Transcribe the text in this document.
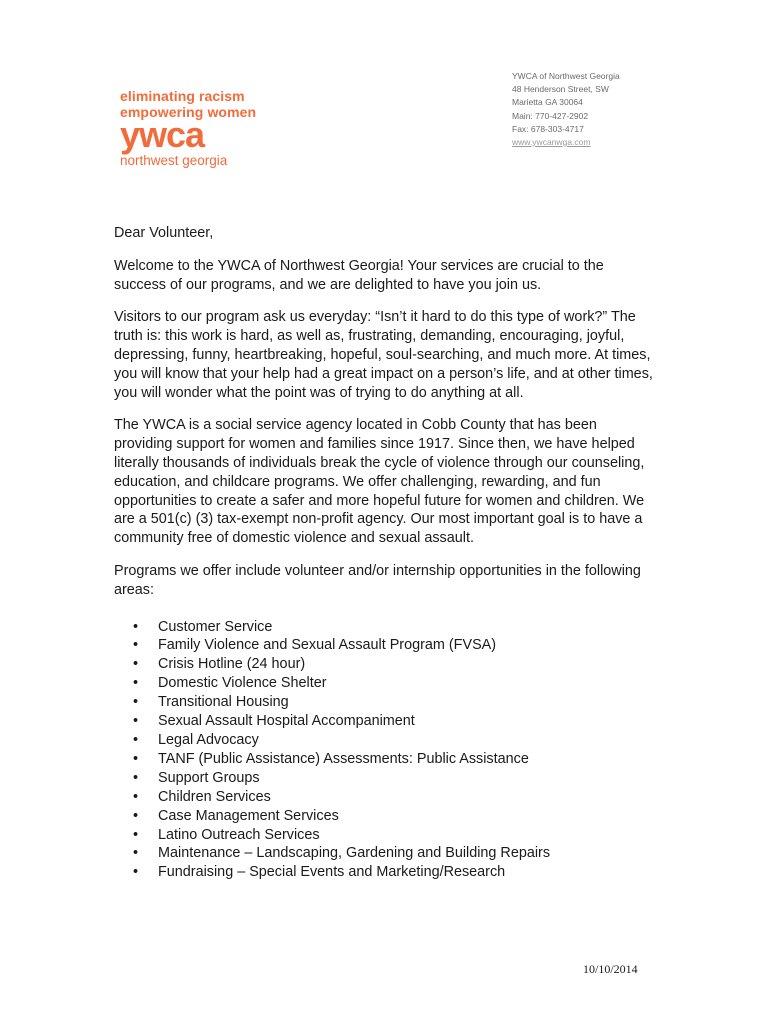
eliminating racism
empowering women
ywca
northwest georgia
YWCA of Northwest Georgia
48 Henderson Street, SW
Marietta GA 30064
Main: 770-427-2902
Fax: 678-303-4717
www.ywcanwga.com

Dear Volunteer,

Welcome to the YWCA of Northwest Georgia! Your services are crucial to the success of our programs, and we are delighted to have you join us.

Visitors to our program ask us everyday: “Isn’t it hard to do this type of work?” The truth is: this work is hard, as well as, frustrating, demanding, encouraging, joyful, depressing, funny, heartbreaking, hopeful, soul-searching, and much more. At times, you will know that your help had a great impact on a person’s life, and at other times, you will wonder what the point was of trying to do anything at all.

The YWCA is a social service agency located in Cobb County that has been providing support for women and families since 1917. Since then, we have helped literally thousands of individuals break the cycle of violence through our counseling, education, and childcare programs. We offer challenging, rewarding, and fun opportunities to create a safer and more hopeful future for women and children. We are a 501(c) (3) tax-exempt non-profit agency. Our most important goal is to have a community free of domestic violence and sexual assault.

Programs we offer include volunteer and/or internship opportunities in the following areas:

• Customer Service
• Family Violence and Sexual Assault Program (FVSA)
• Crisis Hotline (24 hour)
• Domestic Violence Shelter
• Transitional Housing
• Sexual Assault Hospital Accompaniment
• Legal Advocacy
• TANF (Public Assistance) Assessments: Public Assistance
• Support Groups
• Children Services
• Case Management Services
• Latino Outreach Services
• Maintenance – Landscaping, Gardening and Building Repairs
• Fundraising – Special Events and Marketing/Research
10/10/2014
